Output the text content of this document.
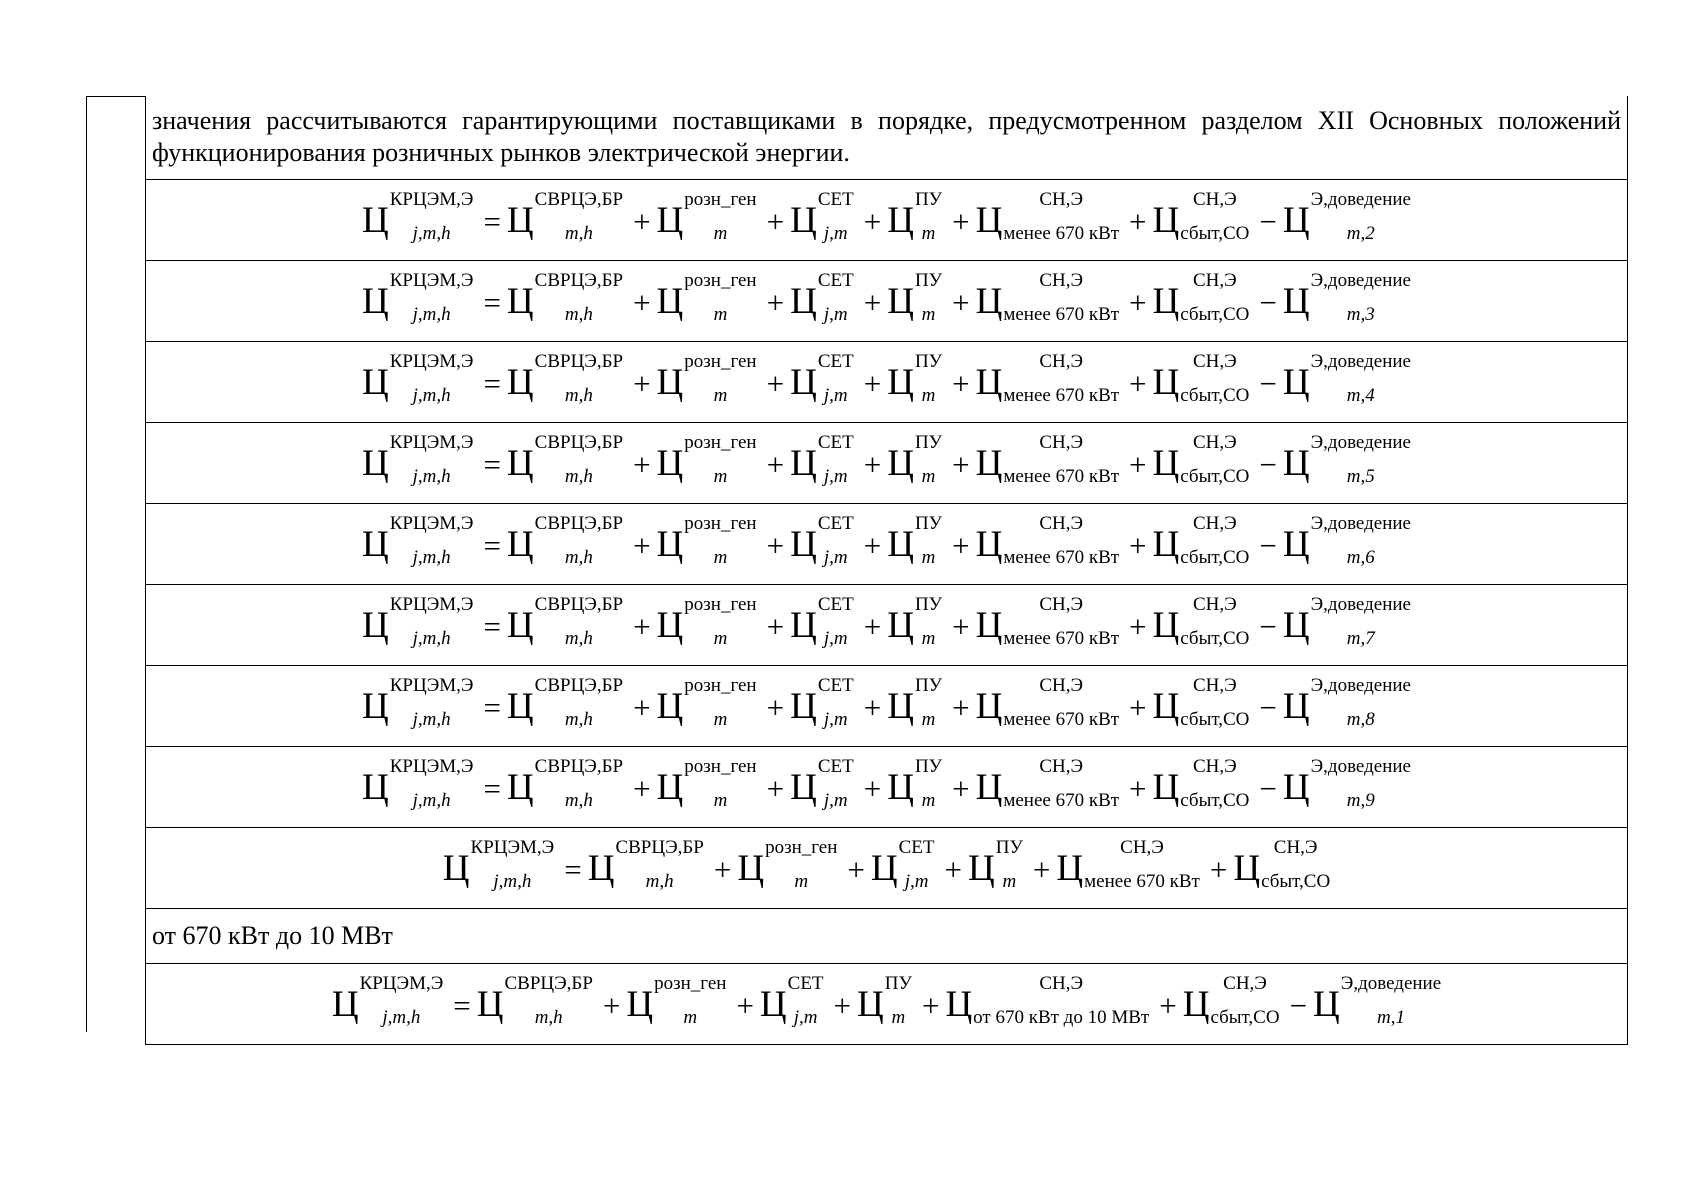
значения рассчитываются гарантирующими поставщиками в порядке, предусмотренном разделом XII Основных положений функционирования розничных рынков электрической энергии.

Ц КРЦЭМ,Э
j,m,h	= Ц СВРЦЭ,БР
m,h	+ Ц розн_ген
m	+ Ц СЕТ
j,m + Ц ПУ
m + Ц	СН,Э
менее 670 кВт + Ц СН,Э
сбыт,СО − Ц Э,доведение
m,2

Ц КРЦЭМ,Э
j,m,h	= Ц СВРЦЭ,БР
m,h	+ Ц розн_ген
m	+ Ц СЕТ
j,m + Ц ПУ
m + Ц	СН,Э
менее 670 кВт + Ц СН,Э
сбыт,СО − Ц Э,доведение
m,3

Ц КРЦЭМ,Э
j,m,h	= Ц СВРЦЭ,БР
m,h	+ Ц розн_ген
m	+ Ц СЕТ
j,m + Ц ПУ
m + Ц	СН,Э
менее 670 кВт + Ц СН,Э
сбыт,СО − Ц Э,доведение
m,4

Ц КРЦЭМ,Э
j,m,h	= Ц СВРЦЭ,БР
m,h	+ Ц розн_ген
m	+ Ц СЕТ
j,m + Ц ПУ
m + Ц	СН,Э
менее 670 кВт + Ц СН,Э
сбыт,СО − Ц Э,доведение
m,5

Ц КРЦЭМ,Э
j,m,h	= Ц СВРЦЭ,БР
m,h	+ Ц розн_ген
m	+ Ц СЕТ
j,m + Ц ПУ
m + Ц	СН,Э
менее 670 кВт + Ц СН,Э
сбыт,СО − Ц Э,доведение
m,6

Ц КРЦЭМ,Э
j,m,h	= Ц СВРЦЭ,БР
m,h	+ Ц розн_ген
m	+ Ц СЕТ
j,m + Ц ПУ
m + Ц	СН,Э
менее 670 кВт + Ц СН,Э
сбыт,СО − Ц Э,доведение
m,7

Ц КРЦЭМ,Э
j,m,h	= Ц СВРЦЭ,БР
m,h	+ Ц розн_ген
m	+ Ц СЕТ
j,m + Ц ПУ
m + Ц	СН,Э
менее 670 кВт + Ц СН,Э
сбыт,СО − Ц Э,доведение
m,8

Ц КРЦЭМ,Э
j,m,h	= Ц СВРЦЭ,БР
m,h	+ Ц розн_ген
m	+ Ц СЕТ
j,m + Ц ПУ
m + Ц	СН,Э
менее 670 кВт + Ц СН,Э
сбыт,СО − Ц Э,доведение
m,9

Ц КРЦЭМ,Э
j,m,h	= Ц СВРЦЭ,БР
m,h	+ Ц розн_ген
m	+ Ц СЕТ
j,m + Ц ПУ
m + Ц	СН,Э
менее 670 кВт + Ц СН,Э
сбыт,СО

от 670 кВт до 10 МВт

Ц КРЦЭМ,Э
j,m,h	= Ц СВРЦЭ,БР
m,h	+ Ц розн_ген
m	+ Ц СЕТ
j,m + Ц ПУ
m + Ц	СН,Э
от 670 кВт до 10 МВт + Ц СН,Э
сбыт,СО − Ц Э,доведение
m,1
